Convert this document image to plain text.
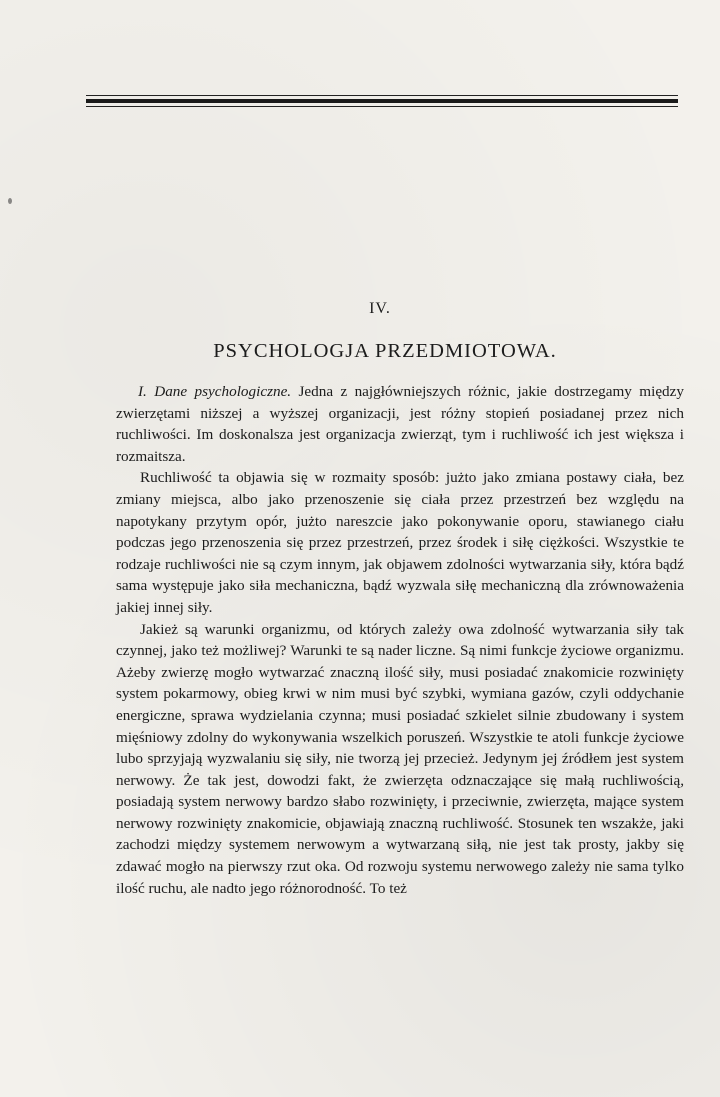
IV.
PSYCHOLOGJA PRZEDMIOTOWA.

I. Dane psychologiczne. Jedna z najgłówniejszych różnic, jakie dostrzegamy między zwierzętami niższej a wyższej organizacji, jest różny stopień posiadanej przez nich ruchliwości. Im doskonalsza jest organizacja zwierząt, tym i ruchliwość ich jest większa i rozmaitsza.

Ruchliwość ta objawia się w rozmaity sposób: jużto jako zmiana postawy ciała, bez zmiany miejsca, albo jako przenoszenie się ciała przez przestrzeń bez względu na napotykany przytym opór, jużto nareszcie jako pokonywanie oporu, stawianego ciału podczas jego przenoszenia się przez przestrzeń, przez środek i siłę ciężkości. Wszystkie te rodzaje ruchliwości nie są czym innym, jak objawem zdolności wytwarzania siły, która bądź sama występuje jako siła mechaniczna, bądź wyzwala siłę mechaniczną dla zrównoważenia jakiej innej siły.

Jakież są warunki organizmu, od których zależy owa zdolność wytwarzania siły tak czynnej, jako też możliwej? Warunki te są nader liczne. Są nimi funkcje życiowe organizmu. Ażeby zwierzę mogło wytwarzać znaczną ilość siły, musi posiadać znakomicie rozwinięty system pokarmowy, obieg krwi w nim musi być szybki, wymiana gazów, czyli oddychanie energiczne, sprawa wydzielania czynna; musi posiadać szkielet silnie zbudowany i system mięśniowy zdolny do wykonywania wszelkich poruszeń. Wszystkie te atoli funkcje życiowe lubo sprzyjają wyzwalaniu się siły, nie tworzą jej przecież. Jedynym jej źródłem jest system nerwowy. Że tak jest, dowodzi fakt, że zwierzęta odznaczające się małą ruchliwością, posiadają system nerwowy bardzo słabo rozwinięty, i przeciwnie, zwierzęta, mające system nerwowy rozwinięty znakomicie, objawiają znaczną ruchliwość. Stosunek ten wszakże, jaki zachodzi między systemem nerwowym a wytwarzaną siłą, nie jest tak prosty, jakby się zdawać mogło na pierwszy rzut oka. Od rozwoju systemu nerwowego zależy nie sama tylko ilość ruchu, ale nadto jego różnorodność. To też
